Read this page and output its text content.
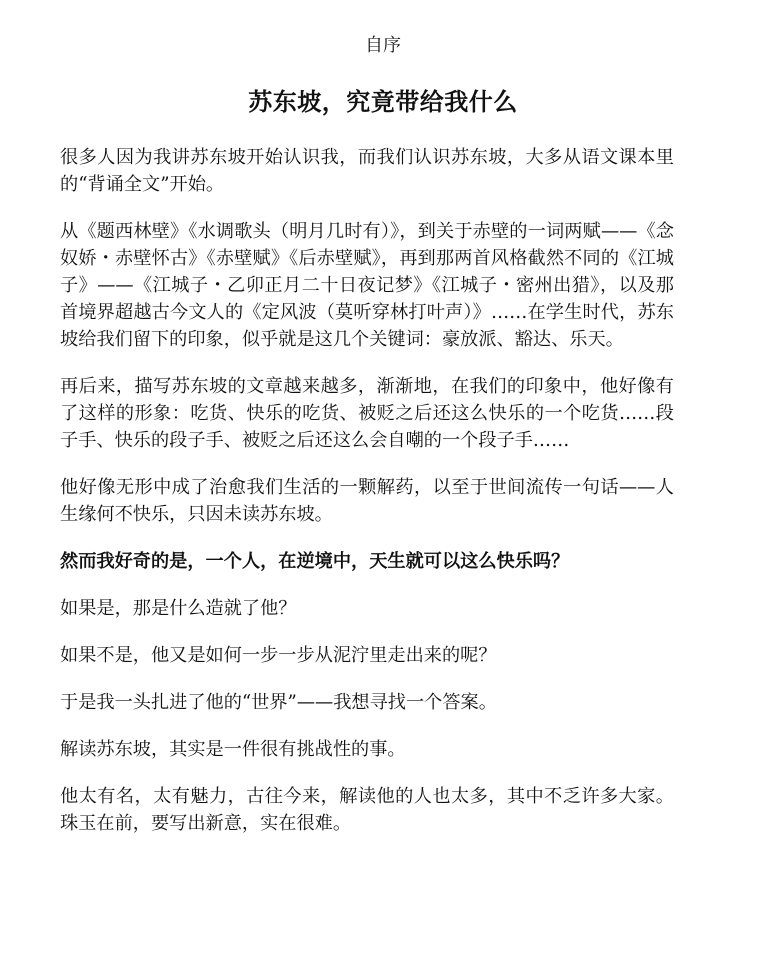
自序
苏东坡，究竟带给我什么

很多人因为我讲苏东坡开始认识我，而我们认识苏东坡，大多从语文课本里的“背诵全文”开始。

从《题西林壁》《水调歌头（明月几时有）》，到关于赤壁的一词两赋——《念奴娇・赤壁怀古》《赤壁赋》《后赤壁赋》，再到那两首风格截然不同的《江城子》——《江城子・乙卯正月二十日夜记梦》《江城子・密州出猎》，以及那首境界超越古今文人的《定风波（莫听穿林打叶声）》……在学生时代，苏东坡给我们留下的印象，似乎就是这几个关键词：豪放派、豁达、乐天。

再后来，描写苏东坡的文章越来越多，渐渐地，在我们的印象中，他好像有了这样的形象：吃货、快乐的吃货、被贬之后还这么快乐的一个吃货……段子手、快乐的段子手、被贬之后还这么会自嘲的一个段子手……

他好像无形中成了治愈我们生活的一颗解药，以至于世间流传一句话——人生缘何不快乐，只因未读苏东坡。

然而我好奇的是，一个人，在逆境中，天生就可以这么快乐吗？

如果是，那是什么造就了他？

如果不是，他又是如何一步一步从泥泞里走出来的呢？

于是我一头扎进了他的“世界”——我想寻找一个答案。

解读苏东坡，其实是一件很有挑战性的事。

他太有名，太有魅力，古往今来，解读他的人也太多，其中不乏许多大家。珠玉在前，要写出新意，实在很难。
